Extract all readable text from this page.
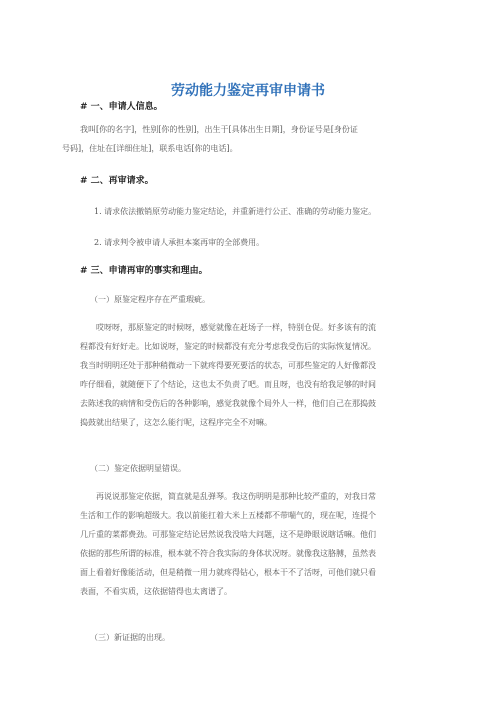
劳动能力鉴定再审申请书
# 一、申请人信息。
我叫[你的名字]，性别[你的性别]，出生于[具体出生日期]，身份证号是[身份证
号码]，住址在[详细住址]，联系电话[你的电话]。
# 二、再审请求。
1. 请求依法撤销原劳动能力鉴定结论，并重新进行公正、准确的劳动能力鉴定。
2. 请求判令被申请人承担本案再审的全部费用。
# 三、申请再审的事实和理由。
（一）原鉴定程序存在严重瑕疵。
哎呀呀，那原鉴定的时候呀，感觉就像在赶场子一样，特别仓促。好多该有的流
程都没有好好走。比如说呀，鉴定的时候都没有充分考虑我受伤后的实际恢复情况。
我当时明明还处于那种稍微动一下就疼得要死要活的状态，可那些鉴定的人好像都没
咋仔细看，就随便下了个结论，这也太不负责了吧。而且呀，也没有给我足够的时间
去陈述我的病情和受伤后的各种影响，感觉我就像个局外人一样，他们自己在那捣鼓
捣鼓就出结果了，这怎么能行呢，这程序完全不对嘛。
（二）鉴定依据明显错误。
再说说那鉴定依据，简直就是乱弹琴。我这伤明明是那种比较严重的，对我日常
生活和工作的影响超级大。我以前能扛着大米上五楼都不带喘气的，现在呢，连提个
几斤重的菜都费劲。可那鉴定结论居然说我没啥大问题，这不是睁眼说瞎话嘛。他们
依据的那些所谓的标准，根本就不符合我实际的身体状况呀。就像我这胳膊，虽然表
面上看着好像能活动，但是稍微一用力就疼得钻心，根本干不了活呀，可他们就只看
表面，不看实质，这依据错得也太离谱了。
（三）新证据的出现。
